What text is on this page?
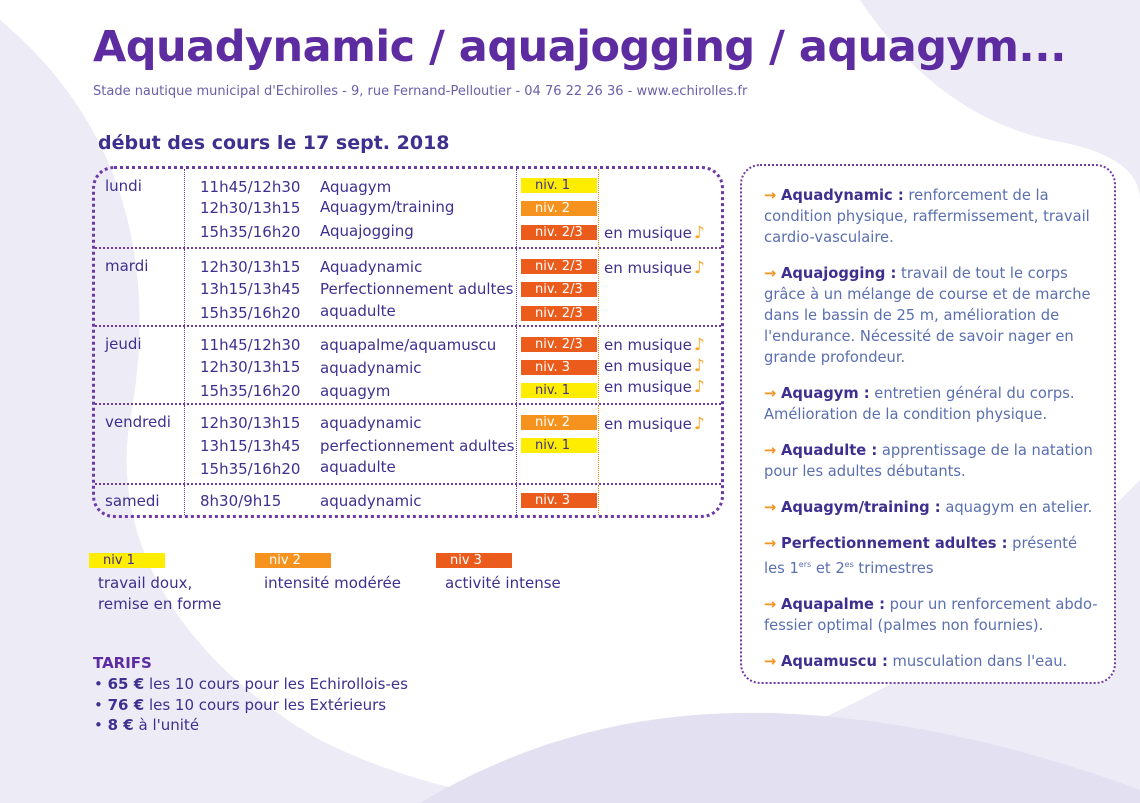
Aquadynamic / aquajogging / aquagym...
Stade nautique municipal d'Echirolles - 9, rue Fernand-Pelloutier - 04 76 22 26 36 - www.echirolles.fr
début des cours le 17 sept. 2018
lundi	11h45/12h30 Aquagym	niv. 1
12h30/13h15 Aquagym/training	niv. 2
15h35/16h20 Aquajogging	niv. 2/3	en musique ♪
mardi	12h30/13h15 Aquadynamic	niv. 2/3	en musique ♪
13h15/13h45 Perfectionnement adultes	niv. 2/3
15h35/16h20 aquadulte	niv. 2/3
jeudi	11h45/12h30 aquapalme/aquamuscu	niv. 2/3	en musique ♪
12h30/13h15 aquadynamic	niv. 3	en musique ♪
15h35/16h20 aquagym	niv. 1	en musique ♪
vendredi 12h30/13h15 aquadynamic	niv. 2	en musique ♪
13h15/13h45 perfectionnement adultes	niv. 1
15h35/16h20 aquadulte
samedi	8h30/9h15	aquadynamic	niv. 3
niv 1
travail doux,
remise en forme
niv 2
intensité modérée
niv 3
activité intense
TARIFS
• 65 € les 10 cours pour les Echirollois-es
• 76 € les 10 cours pour les Extérieurs
• 8 € à l'unité
→ Aquadynamic : renforcement de la condition physique, raffermissement, travail cardio-vasculaire.
→ Aquajogging : travail de tout le corps grâce à un mélange de course et de marche dans le bassin de 25 m, amélioration de l'endurance. Nécessité de savoir nager en grande profondeur.
→ Aquagym : entretien général du corps. Amélioration de la condition physique.
→ Aquadulte : apprentissage de la natation pour les adultes débutants.
→ Aquagym/training : aquagym en atelier.
→ Perfectionnement adultes : présenté les 1ers et $2^{es}$ trimestres
→ Aquapalme : pour un renforcement abdo-fessier optimal (palmes non fournies).
→ Aquamuscu : musculation dans l'eau.
